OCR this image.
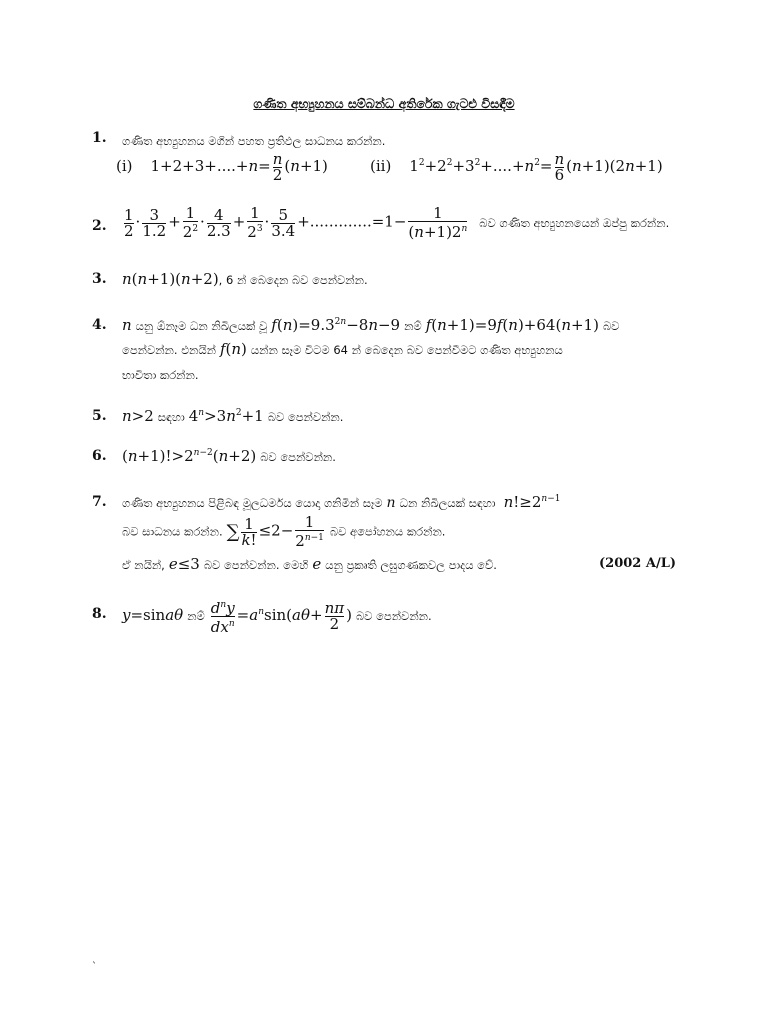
ගණිත අභ්‍යුහනය සම්බන්ධ අතිරේක ගැටළු විසඳීම
1. ගණිත අභ්‍යුහනය මගින් පහත ප්‍රතිඵල සාධනය කරන්න.
(i) $1+2+3+....+n= \frac{n}{2} (n+1)$	(ii) $1^2+2^2+3^2+....+n^2= \frac{n}{6} (n+1)(2n+1)$
2. $\frac{1}{2} \cdot \frac{3}{1.2} + \frac{1}{2^2} \cdot \frac{4}{2.3} + \frac{1}{2^3} \cdot \frac{5}{3.4} +.............=1- \frac{1}{(n+1)2^n}$ බව ගණිත අභ්‍යුහනයෙන් ඔප්පු කරන්න.
3. n(n+1)(n+2), 6 න් බෙදෙන බව පෙන්වන්න.
4. n යනු ඕනෑම ධන නිඛිලයක් වූ $f(n)=9.3^{2n}-8n-9$ නම් f(n+1)=9f(n)+64(n+1) බව
පෙන්වන්න. එනයින් f(n) යන්න සෑම විටම 64 න් බෙදෙන බව පෙන්වීමට ගණිත අභ්‍යුහනය
භාවිතා කරන්න.
5. n>2 සඳහා $4^n>3n^2+1$ බව පෙන්වන්න.
6. $(n+1)!>2^{n-2}(n+2)$ බව පෙන්වන්න.
7. ගණිත අභ්‍යුහනය පිළිබඳ මූලධර්මය යොදා ගනිමින් සෑම n ධන නිඛිලයක් සඳහා $n!\ge 2^{n-1}$
බව සාධනය කරන්න. ∑ $\frac{1}{k!} \le 2- \frac{1}{2^{n-1}}$ බව අපෝහනය කරන්න.
ඒ නයින්, e≤3 බව පෙන්වන්න. මෙහි e යනු ප්‍රකෘති ලඝුගණකවල පාදය වේ.	(2002 A/L)
8. y=sinaθ නම් $\frac{d^ny}{dx^n} =a^n\sin(a\theta+ \frac{n\pi}{2}$ ) බව පෙන්වන්න.
`
